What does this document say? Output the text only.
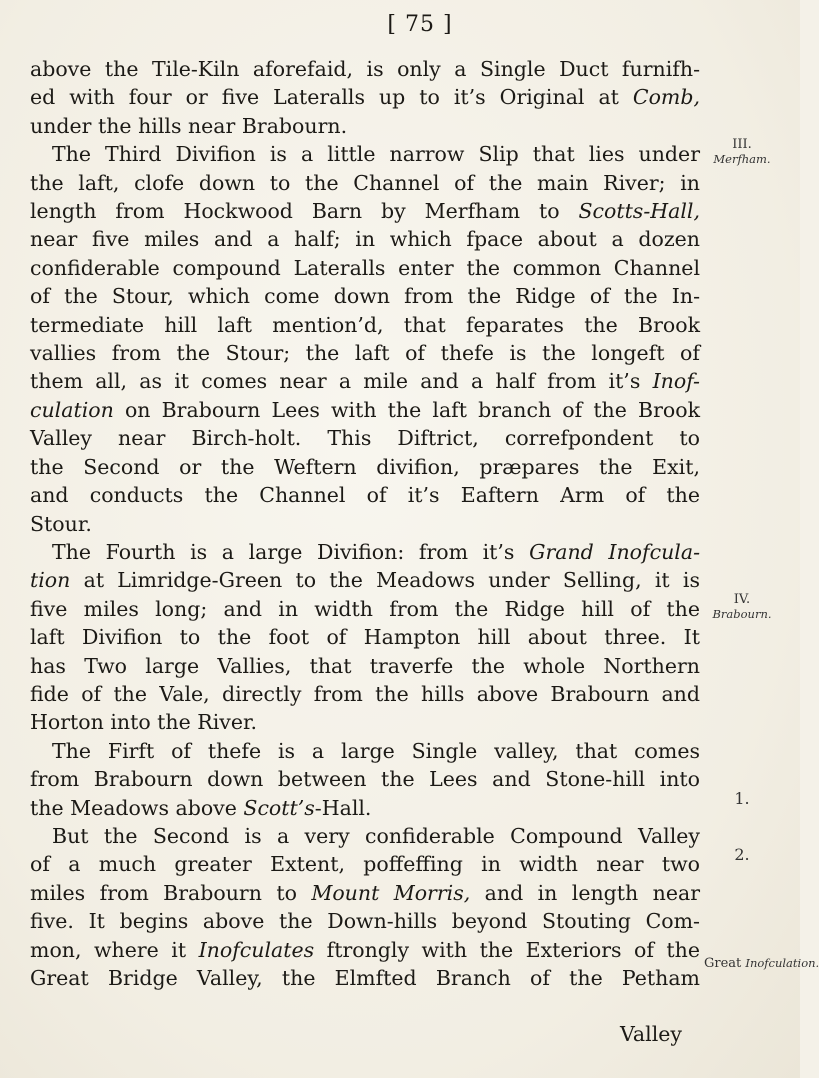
[ 75 ]
above the Tile-Kiln aforefaid, is only a Single Duct furnifh-
ed with four or five Lateralls up to it’s Original at Comb,
under the hills near Brabourn.
The Third Divifion is a little narrow Slip that lies under
the laft, clofe down to the Channel of the main River; in
length from Hockwood Barn by Merfham to Scotts-Hall,
near five miles and a half; in which fpace about a dozen
confiderable compound Lateralls enter the common Channel
of the Stour, which come down from the Ridge of the In-
termediate hill laft mention’d, that feparates the Brook
vallies from the Stour; the laft of thefe is the longeft of
them all, as it comes near a mile and a half from it’s Inof-
culation on Brabourn Lees with the laft branch of the Brook
Valley near Birch-holt. This Diftrict, correfpondent to
the Second or the Weftern divifion, præpares the Exit,
and conducts the Channel of it’s Eaftern Arm of the
Stour.
The Fourth is a large Divifion: from it’s Grand Inofcula-
tion at Limridge-Green to the Meadows under Selling, it is
five miles long; and in width from the Ridge hill of the
laft Divifion to the foot of Hampton hill about three. It
has Two large Vallies, that traverfe the whole Northern
fide of the Vale, directly from the hills above Brabourn and
Horton into the River.
The Firft of thefe is a large Single valley, that comes
from Brabourn down between the Lees and Stone-hill into
the Meadows above Scott’s-Hall.
But the Second is a very confiderable Compound Valley
of a much greater Extent, poffeffing in width near two
miles from Brabourn to Mount Morris, and in length near
five. It begins above the Down-hills beyond Stouting Com-
mon, where it Inofculates ftrongly with the Exteriors of the
Great Bridge Valley, the Elmfted Branch of the Petham
III.
Merfham.
IV.
Brabourn.
1.
2.
Great Inofculation.
Valley
